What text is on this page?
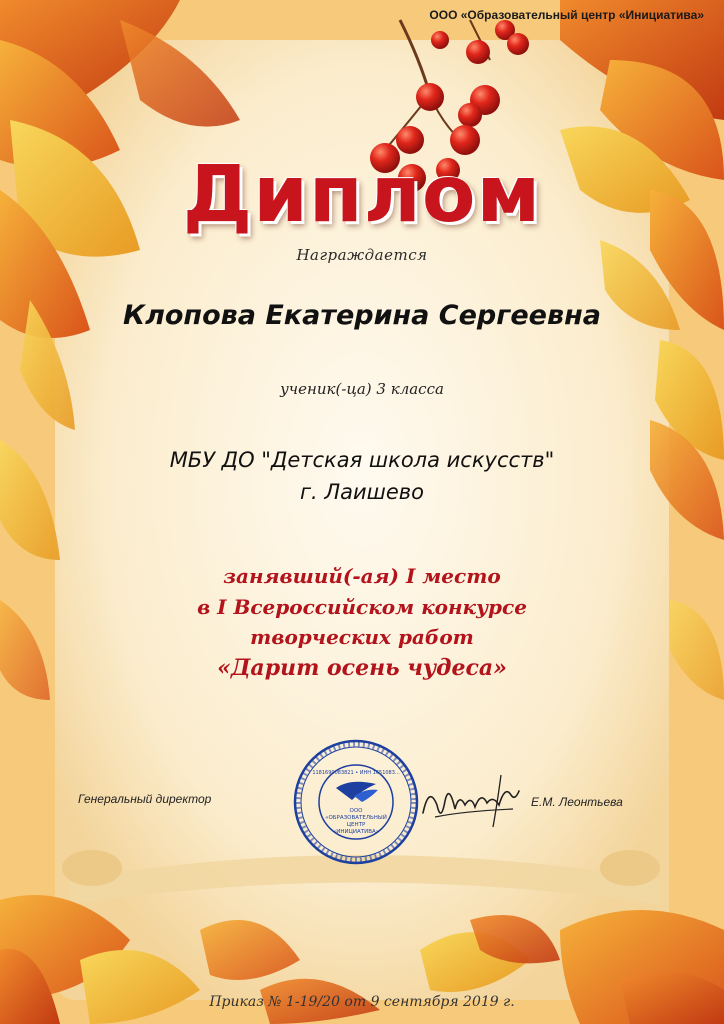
ООО «Образовательный центр «Инициатива»
Диплом
Награждается
Клопова Екатерина Сергеевна
ученик(-ца) 3 класса
МБУ ДО "Детская школа искусств"
г. Лаишево
занявший(-ая) I место
в I Всероссийском конкурсе
творческих работ
«Дарит осень чудеса»
Генеральный директор
ООО
«ОБРАЗОВАТЕЛЬНЫЙ
ЦЕНТР
«ИНИЦИАТИВА»
1181690083821 • ИНН 1651083...
Е.М. Леонтьева
Приказ № 1-19/20 от 9 сентября 2019 г.
